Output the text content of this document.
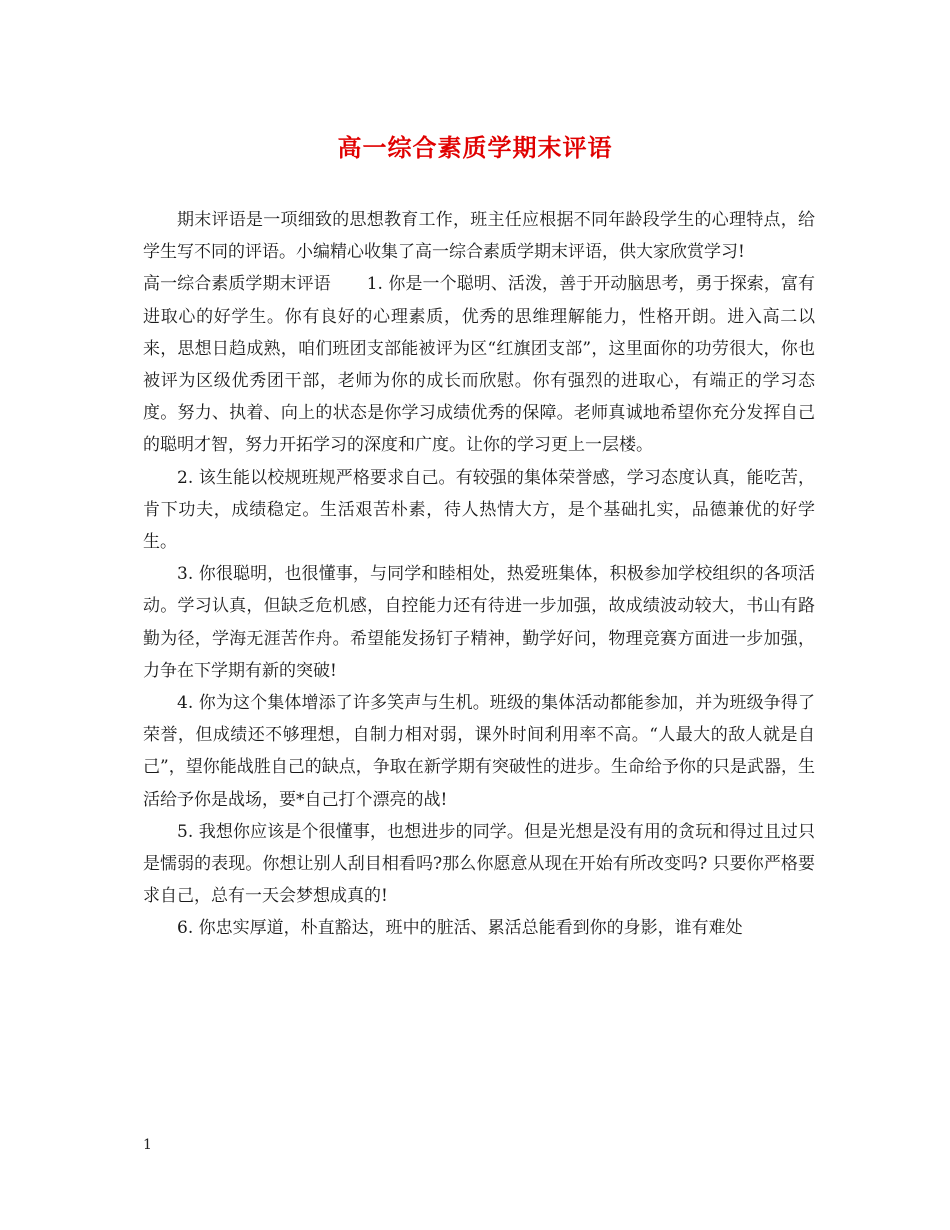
高一综合素质学期末评语

期末评语是一项细致的思想教育工作，班主任应根据不同年龄段学生的心理特点，给学生写不同的评语。小编精心收集了高一综合素质学期末评语，供大家欣赏学习!

高一综合素质学期末评语 1. 你是一个聪明、活泼，善于开动脑思考，勇于探索，富有进取心的好学生。你有良好的心理素质，优秀的思维理解能力，性格开朗。进入高二以来，思想日趋成熟，咱们班团支部能被评为区“红旗团支部”，这里面你的功劳很大，你也被评为区级优秀团干部，老师为你的成长而欣慰。你有强烈的进取心，有端正的学习态度。努力、执着、向上的状态是你学习成绩优秀的保障。老师真诚地希望你充分发挥自己的聪明才智，努力开拓学习的深度和广度。让你的学习更上一层楼。

2. 该生能以校规班规严格要求自己。有较强的集体荣誉感，学习态度认真，能吃苦，肯下功夫，成绩稳定。生活艰苦朴素，待人热情大方，是个基础扎实，品德兼优的好学生。

3. 你很聪明，也很懂事，与同学和睦相处，热爱班集体，积极参加学校组织的各项活动。学习认真，但缺乏危机感，自控能力还有待进一步加强，故成绩波动较大，书山有路勤为径，学海无涯苦作舟。希望能发扬钉子精神，勤学好问，物理竞赛方面进一步加强，力争在下学期有新的突破!

4. 你为这个集体增添了许多笑声与生机。班级的集体活动都能参加，并为班级争得了荣誉，但成绩还不够理想，自制力相对弱，课外时间利用率不高。“人最大的敌人就是自己”，望你能战胜自己的缺点，争取在新学期有突破性的进步。生命给予你的只是武器，生活给予你是战场，要*自己打个漂亮的战!

5. 我想你应该是个很懂事，也想进步的同学。但是光想是没有用的贪玩和得过且过只是懦弱的表现。你想让别人刮目相看吗?那么你愿意从现在开始有所改变吗? 只要你严格要求自己，总有一天会梦想成真的!

6. 你忠实厚道，朴直豁达，班中的脏活、累活总能看到你的身影，谁有难处

1
